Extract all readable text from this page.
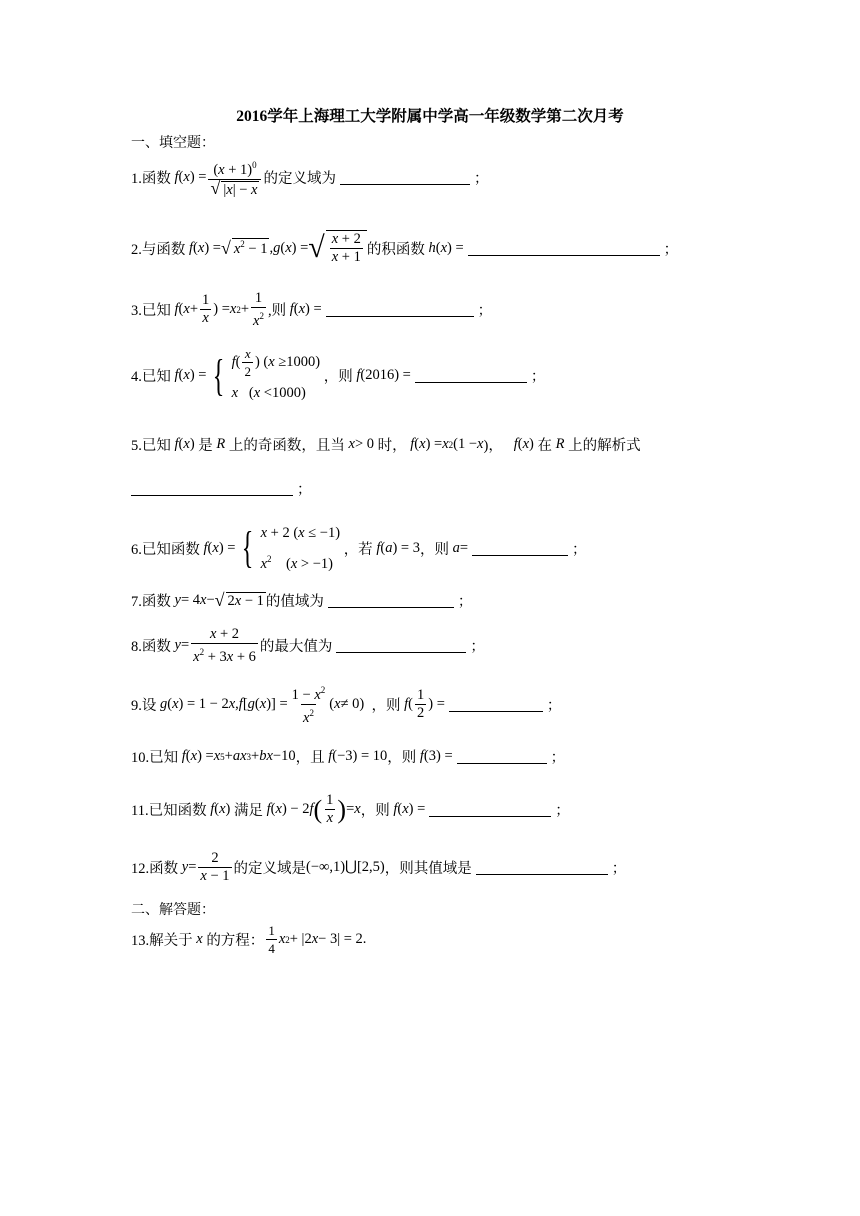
2016学年上海理工大学附属中学高一年级数学第二次月考
一、填空题：
1.函数
f ( x ) = $\frac{(x + 1)^0}{√ |x| - x}$ 的定义域为	；
2.与函数
f ( x ) = √ $x^2 - 1$ , g ( x ) = √ $\frac{x + 2}{x + 1}$ 的积函数
h ( x ) =	；
3.已知
f ( $x + \frac{1}{x}$ ) = x $2 + \frac{1}{x^2}$ ,则
f ( x ) =	；
4.已知
f ( x ) = { $f( \frac{x}{2}$ ) (x ≥1000)
x   (x <1000)

，则
f (2016) =	；
5.已知
f ( x ) 是
R
上的奇函数，且当
x > 0 时，
f ( x ) = x 2 (1 − x )， f ( x ) 在
R
上的解析式
；
6.已知函数
f ( x ) = { x + 2 (x ≤ −1)
$x^2$    (x > −1)

，若
f ( a ) = 3 ，则
a =	；
7.函数
y = 4 x − √ 2x − 1 的值域为	；
8.函数
$y = \frac{x + 2}{x^2 + 3x + 6}$ 的最大值为	；
9.设
g ( x ) = 1 − 2 x , f [ g ( x )] = $\frac{1 - x^2}{x^2}$ ( x ≠ 0) ，则
f ( $\frac{1}{2}$ ) =	；
10.已知
f ( x ) = x 5 + ax 3 + bx −10 ，且
f (−3) = 10 ，则
f (3) =	；
11.已知函数
f ( x ) 满足
f ( x ) − 2 f ( $\frac{1}{x}$ ) = x ，则
f ( x ) =	；
12.函数
$y = \frac{2}{x - 1}$ 的定义域是 (−∞,1)⋃[2,5) ，则其值域是	；
二、解答题：
13.解关于
x
的方程： $\frac{1}{4}$ x 2 + |2 x − 3| = 2 .
